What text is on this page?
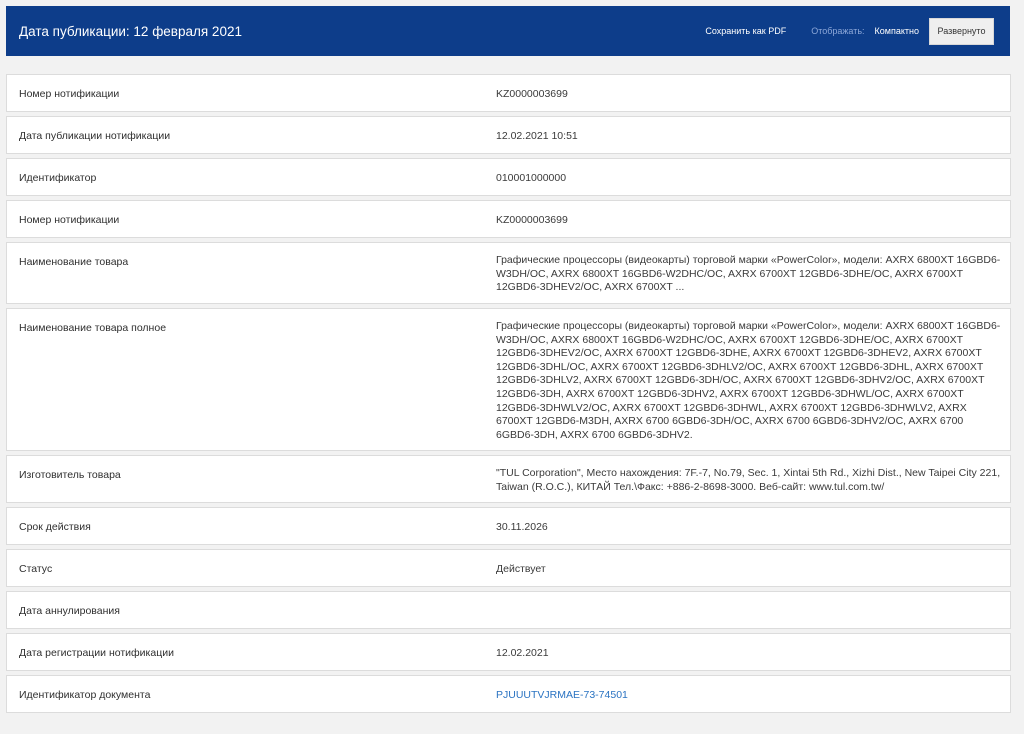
Дата публикации: 12 февраля 2021	Сохранить как PDF	Отображать: Компактно	Развернуто
Номер нотификации	KZ0000003699
Дата публикации нотификации	12.02.2021 10:51
Идентификатор	010001000000
Номер нотификации	KZ0000003699
Наименование товара	Графические процессоры (видеокарты) торговой марки «PowerColor», модели: AXRX 6800XT 16GBD6-W3DH/OC, AXRX 6800XT 16GBD6-W2DHC/OC, AXRX 6700XT 12GBD6-3DHE/OC, AXRX 6700XT 12GBD6-3DHEV2/OC, AXRX 6700XT ...
Наименование товара полное	Графические процессоры (видеокарты) торговой марки «PowerColor», модели: AXRX 6800XT 16GBD6-W3DH/OC, AXRX 6800XT 16GBD6-W2DHC/OC, AXRX 6700XT 12GBD6-3DHE/OC, AXRX 6700XT 12GBD6-3DHEV2/OC, AXRX 6700XT 12GBD6-3DHE, AXRX 6700XT 12GBD6-3DHEV2, AXRX 6700XT 12GBD6-3DHL/OC, AXRX 6700XT 12GBD6-3DHLV2/OC, AXRX 6700XT 12GBD6-3DHL, AXRX 6700XT 12GBD6-3DHLV2, AXRX 6700XT 12GBD6-3DH/OC, AXRX 6700XT 12GBD6-3DHV2/OC, AXRX 6700XT 12GBD6-3DH, AXRX 6700XT 12GBD6-3DHV2, AXRX 6700XT 12GBD6-3DHWL/OC, AXRX 6700XT 12GBD6-3DHWLV2/OC, AXRX 6700XT 12GBD6-3DHWL, AXRX 6700XT 12GBD6-3DHWLV2, AXRX 6700XT 12GBD6-M3DH, AXRX 6700 6GBD6-3DH/OC, AXRX 6700 6GBD6-3DHV2/OC, AXRX 6700 6GBD6-3DH, AXRX 6700 6GBD6-3DHV2.
Изготовитель товара	"TUL Corporation", Место нахождения: 7F.-7, No.79, Sec. 1, Xintai 5th Rd., Xizhi Dist., New Taipei City 221, Taiwan (R.O.C.), КИТАЙ Тел.\Факс: +886-2-8698-3000. Веб-сайт: www.tul.com.tw/
Срок действия	30.11.2026
Статус	Действует
Дата аннулирования
Дата регистрации нотификации	12.02.2021
Идентификатор документа	PJUUUTVJRMAE-73-74501
